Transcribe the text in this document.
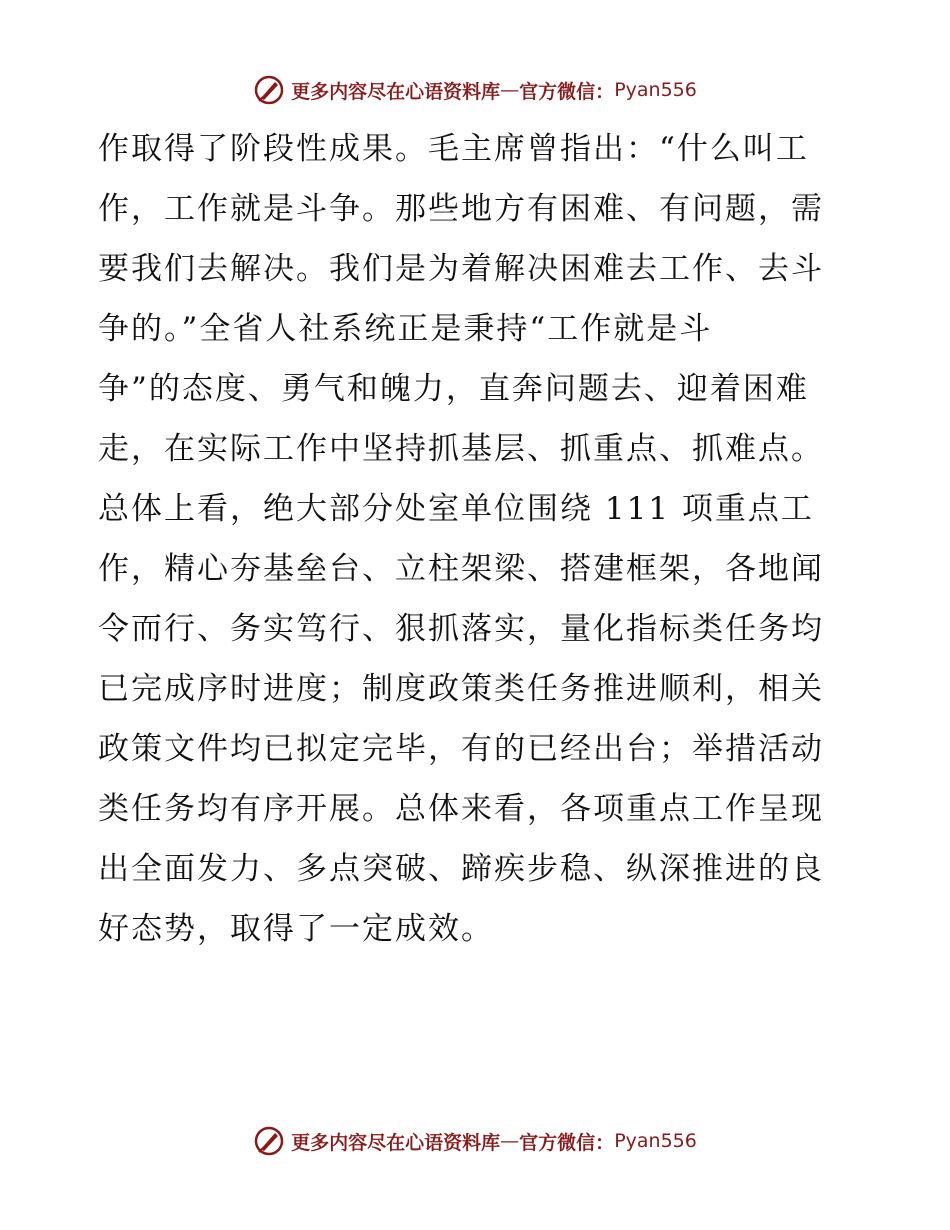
更多内容尽在心语资料库 — 官方微信： Pyan556
作取得了阶段性成果。毛主席曾指出：“什么叫工
作，工作就是斗争。那些地方有困难、有问题，需
要我们去解决。我们是为着解决困难去工作、去斗
争的。”全省人社系统正是秉持“工作就是斗
争”的态度、勇气和魄力，直奔问题去、迎着困难
走，在实际工作中坚持抓基层、抓重点、抓难点。
总体上看，绝大部分处室单位围绕 111 项重点工
作，精心夯基垒台、立柱架梁、搭建框架，各地闻
令而行、务实笃行、狠抓落实，量化指标类任务均
已完成序时进度；制度政策类任务推进顺利，相关
政策文件均已拟定完毕，有的已经出台；举措活动
类任务均有序开展。总体来看，各项重点工作呈现
出全面发力、多点突破、蹄疾步稳、纵深推进的良
好态势，取得了一定成效。
更多内容尽在心语资料库 — 官方微信： Pyan556
